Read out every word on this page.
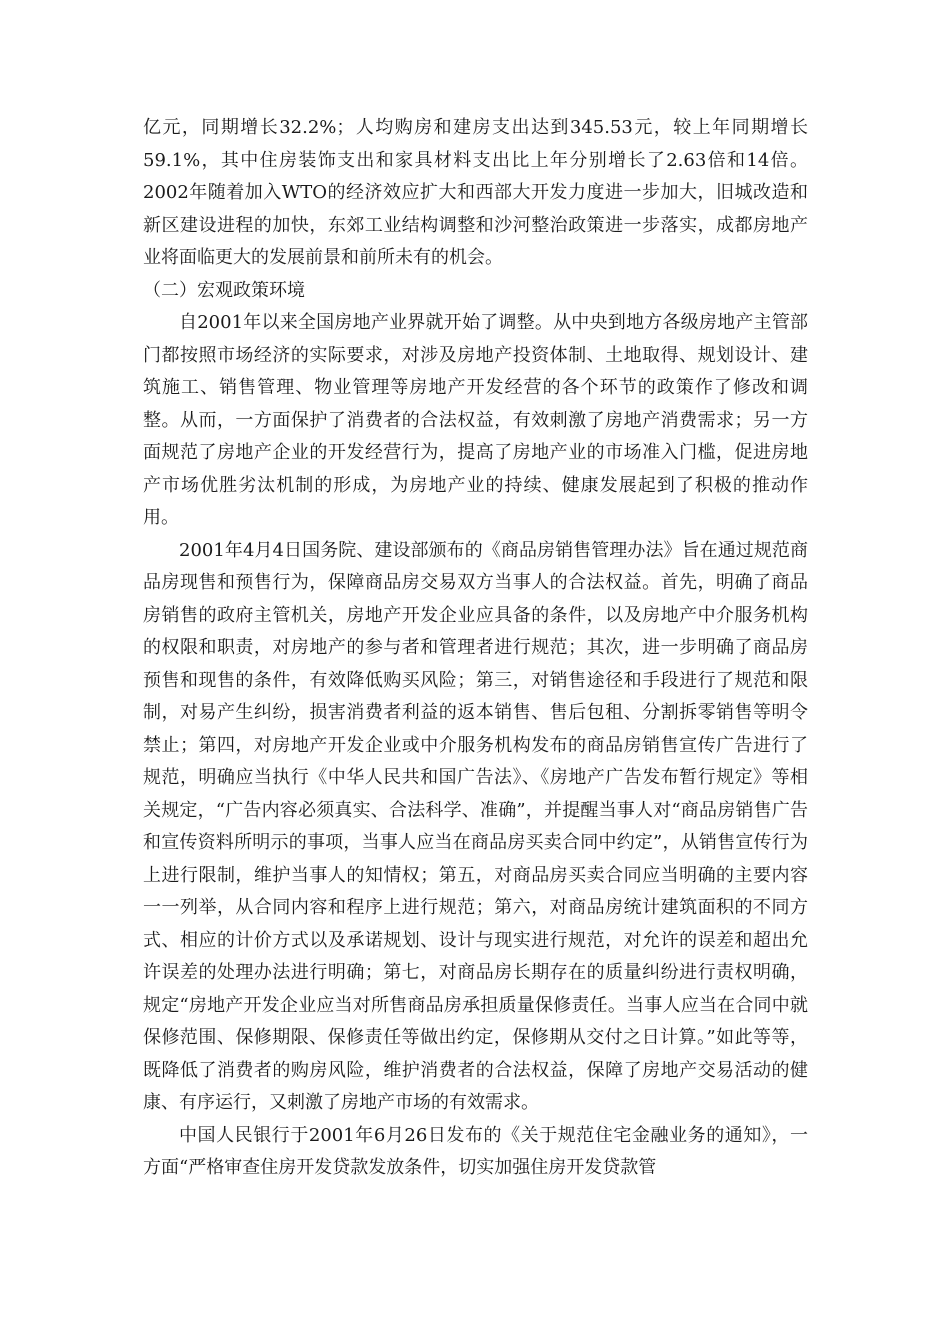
亿元，同期增长32.2%；人均购房和建房支出达到345.53元，较上年同期增长59.1%，其中住房装饰支出和家具材料支出比上年分别增长了2.63倍和14倍。2002年随着加入WTO的经济效应扩大和西部大开发力度进一步加大，旧城改造和新区建设进程的加快，东郊工业结构调整和沙河整治政策进一步落实，成都房地产业将面临更大的发展前景和前所未有的机会。

（二）宏观政策环境

自2001年以来全国房地产业界就开始了调整。从中央到地方各级房地产主管部门都按照市场经济的实际要求，对涉及房地产投资体制、土地取得、规划设计、建筑施工、销售管理、物业管理等房地产开发经营的各个环节的政策作了修改和调整。从而，一方面保护了消费者的合法权益，有效刺激了房地产消费需求；另一方面规范了房地产企业的开发经营行为，提高了房地产业的市场准入门槛，促进房地产市场优胜劣汰机制的形成，为房地产业的持续、健康发展起到了积极的推动作用。

2001年4月4日国务院、建设部颁布的《商品房销售管理办法》旨在通过规范商品房现售和预售行为，保障商品房交易双方当事人的合法权益。首先，明确了商品房销售的政府主管机关，房地产开发企业应具备的条件，以及房地产中介服务机构的权限和职责，对房地产的参与者和管理者进行规范；其次，进一步明确了商品房预售和现售的条件，有效降低购买风险；第三，对销售途径和手段进行了规范和限制，对易产生纠纷，损害消费者利益的返本销售、售后包租、分割拆零销售等明令禁止；第四，对房地产开发企业或中介服务机构发布的商品房销售宣传广告进行了规范，明确应当执行《中华人民共和国广告法》、《房地产广告发布暂行规定》等相关规定，“广告内容必须真实、合法科学、准确”，并提醒当事人对“商品房销售广告和宣传资料所明示的事项，当事人应当在商品房买卖合同中约定”，从销售宣传行为上进行限制，维护当事人的知情权；第五，对商品房买卖合同应当明确的主要内容一一列举，从合同内容和程序上进行规范；第六，对商品房统计建筑面积的不同方式、相应的计价方式以及承诺规划、设计与现实进行规范，对允许的误差和超出允许误差的处理办法进行明确；第七，对商品房长期存在的质量纠纷进行责权明确，规定“房地产开发企业应当对所售商品房承担质量保修责任。当事人应当在合同中就保修范围、保修期限、保修责任等做出约定，保修期从交付之日计算。”如此等等，既降低了消费者的购房风险，维护消费者的合法权益，保障了房地产交易活动的健康、有序运行，又刺激了房地产市场的有效需求。

中国人民银行于2001年6月26日发布的《关于规范住宅金融业务的通知》，一方面“严格审查住房开发贷款发放条件，切实加强住房开发贷款管
